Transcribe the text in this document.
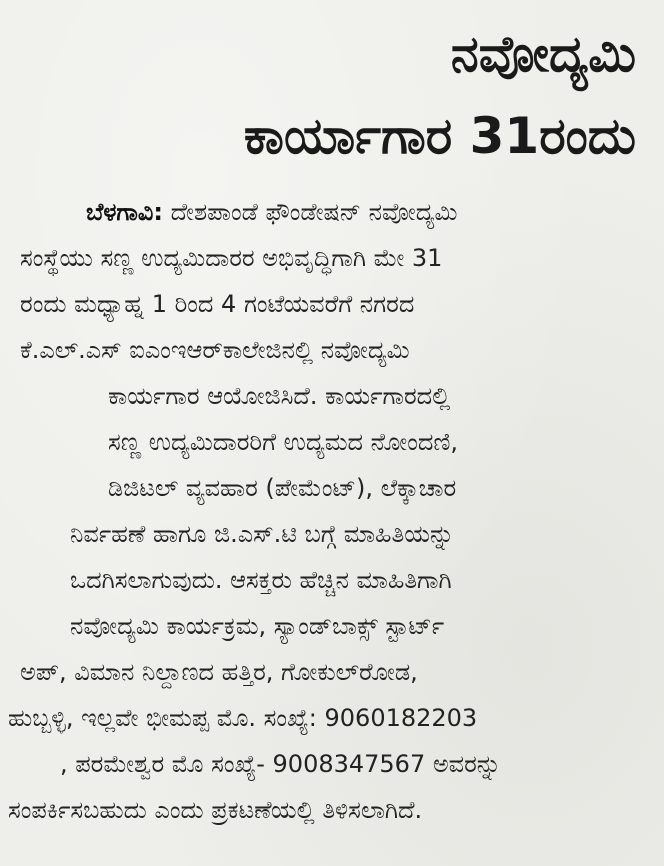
ನವೋದ್ಯಮಿ
ಕಾರ್ಯಾಗಾರ 31ರಂದು
ಬೆಳಗಾವಿ: ದೇಶಪಾಂಡೆ ಫೌಂಡೇಷನ್ ನವೋದ್ಯಮಿ
ಸಂಸ್ಥೆಯು ಸಣ್ಣ ಉದ್ಯಮಿದಾರರ ಅಭಿವೃದ್ಧಿಗಾಗಿ ಮೇ 31
ರಂದು ಮಧ್ಯಾಹ್ನ 1 ರಿಂದ 4 ಗಂಟೆಯವರೆಗೆ ನಗರದ
ಕೆ.ಎಲ್.ಎಸ್ ಐಎಂಇಆರ್‌ಕಾಲೇಜಿನಲ್ಲಿ ನವೋದ್ಯಮಿ
ಕಾರ್ಯಗಾರ ಆಯೋಜಿಸಿದೆ. ಕಾರ್ಯಗಾರದಲ್ಲಿ
ಸಣ್ಣ ಉದ್ಯಮಿದಾರರಿಗೆ ಉದ್ಯಮದ ನೋಂದಣಿ,
ಡಿಜಿಟಲ್ ವ್ಯವಹಾರ (ಪೇಮೆಂಟ್), ಲೆಕ್ಕಾಚಾರ
ನಿರ್ವಹಣೆ ಹಾಗೂ ಜಿ.ಎಸ್.ಟಿ ಬಗ್ಗೆ ಮಾಹಿತಿಯನ್ನು
ಒದಗಿಸಲಾಗುವುದು. ಆಸಕ್ತರು ಹೆಚ್ಚಿನ ಮಾಹಿತಿಗಾಗಿ
ನವೋದ್ಯಮಿ ಕಾರ್ಯಕ್ರಮ, ಸ್ಯಾಂಡ್‌ಬಾಕ್ಸ್ ಸ್ಟಾರ್ಟ್
ಅಪ್, ವಿಮಾನ ನಿಲ್ದಾಣದ ಹತ್ತಿರ, ಗೋಕುಲ್‌ರೋಡ,
ಹುಬ್ಬಳ್ಳಿ, ಇಲ್ಲವೇ ಭೀಮಪ್ಪ ಮೊ. ಸಂಖ್ಯೆ: 9060182203
, ಪರಮೇಶ್ವರ ಮೊ ಸಂಖ್ಯೆ- 9008347567 ಅವರನ್ನು
ಸಂಪರ್ಕಿಸಬಹುದು ಎಂದು ಪ್ರಕಟಣೆಯಲ್ಲಿ ತಿಳಿಸಲಾಗಿದೆ.
